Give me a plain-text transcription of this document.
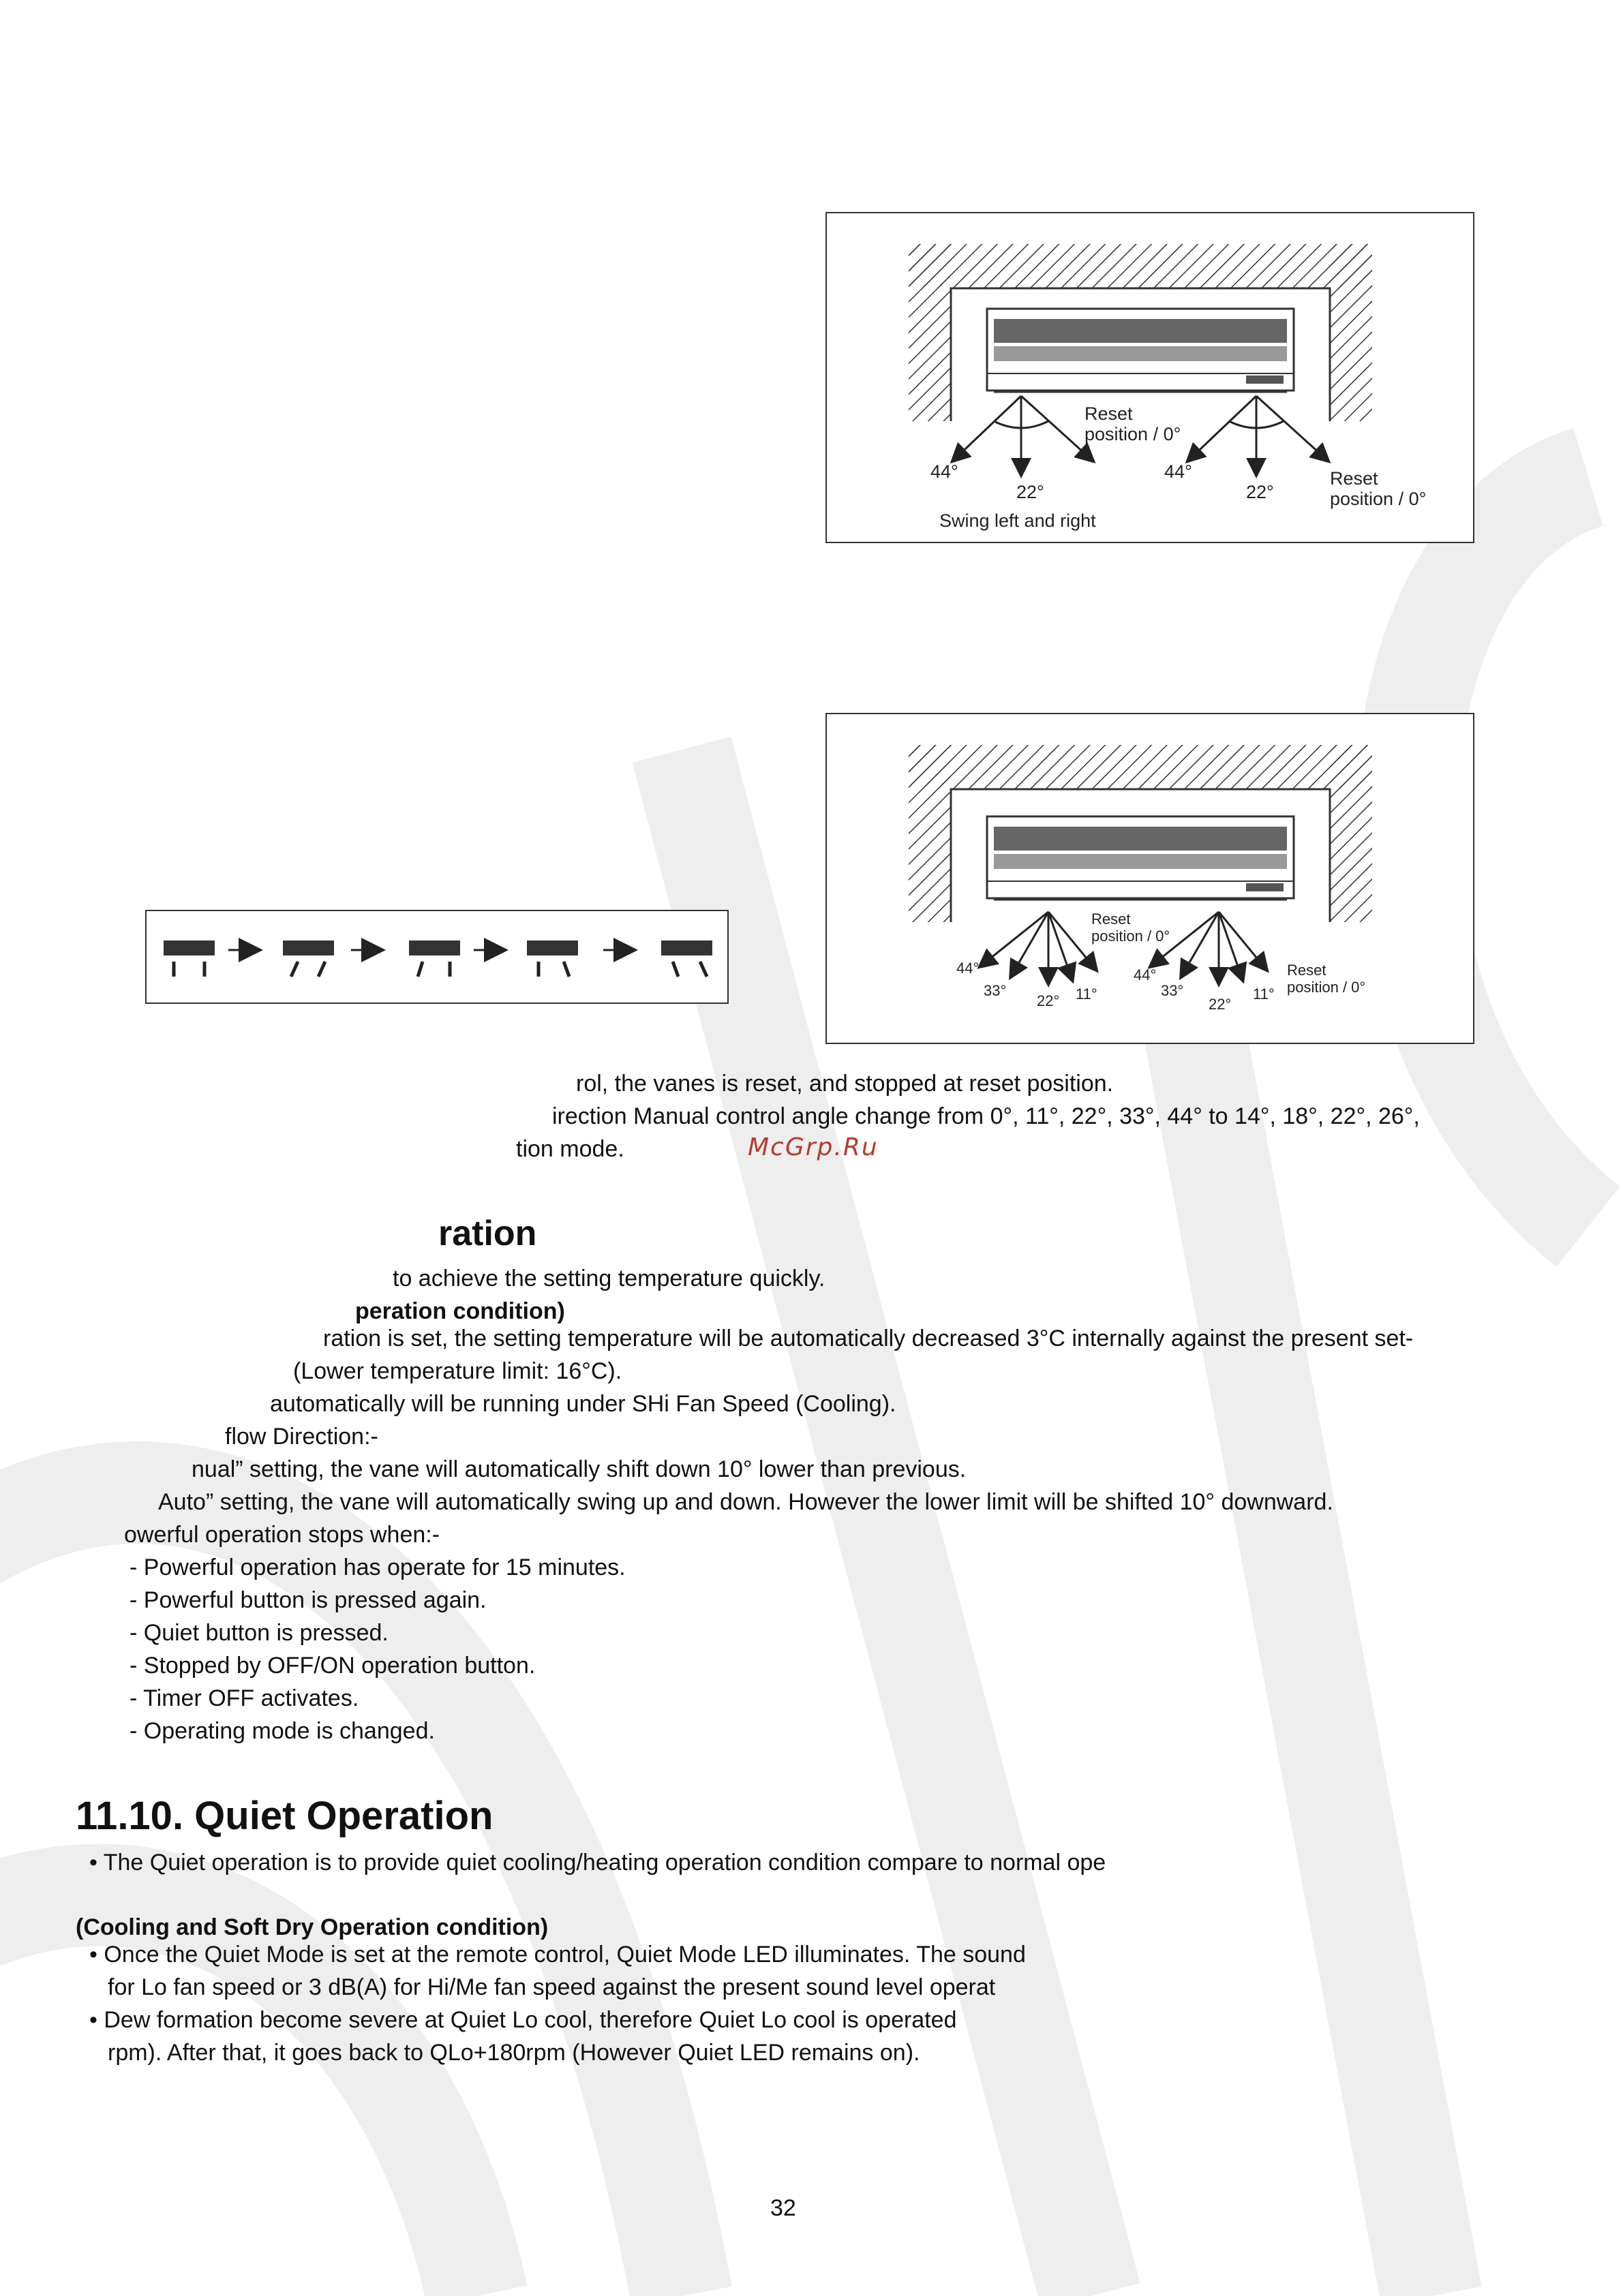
Reset
position / 0°
44°
22°
44°
22°
Reset
position / 0°
Swing left and right
Reset
position / 0°
44°
33°
22° 11°
44°
33°
22°
11°
Reset
position / 0°
rol, the vanes is reset, and stopped at reset position.
irection Manual control angle change from 0°, 11°, 22°, 33°, 44° to 14°, 18°, 22°, 26°,
tion mode.	McGrp.Ru
ration
to achieve the setting temperature quickly.
peration condition)
ration is set, the setting temperature will be automatically decreased 3°C internally against the present set-
(Lower temperature limit: 16°C).
automatically will be running under SHi Fan Speed (Cooling).
flow Direction:-
nual” setting, the vane will automatically shift down 10° lower than previous.
Auto” setting, the vane will automatically swing up and down. However the lower limit will be shifted 10° downward.
owerful operation stops when:-
- Powerful operation has operate for 15 minutes.
- Powerful button is pressed again.
- Quiet button is pressed.
- Stopped by OFF/ON operation button.
- Timer OFF activates.
- Operating mode is changed.
11.10. Quiet Operation
• The Quiet operation is to provide quiet cooling/heating operation condition compare to normal ope
(Cooling and Soft Dry Operation condition)
• Once the Quiet Mode is set at the remote control, Quiet Mode LED illuminates. The sound
for Lo fan speed or 3 dB(A) for Hi/Me fan speed against the present sound level operat
• Dew formation become severe at Quiet Lo cool, therefore Quiet Lo cool is operated
rpm). After that, it goes back to QLo+180rpm (However Quiet LED remains on).
32
